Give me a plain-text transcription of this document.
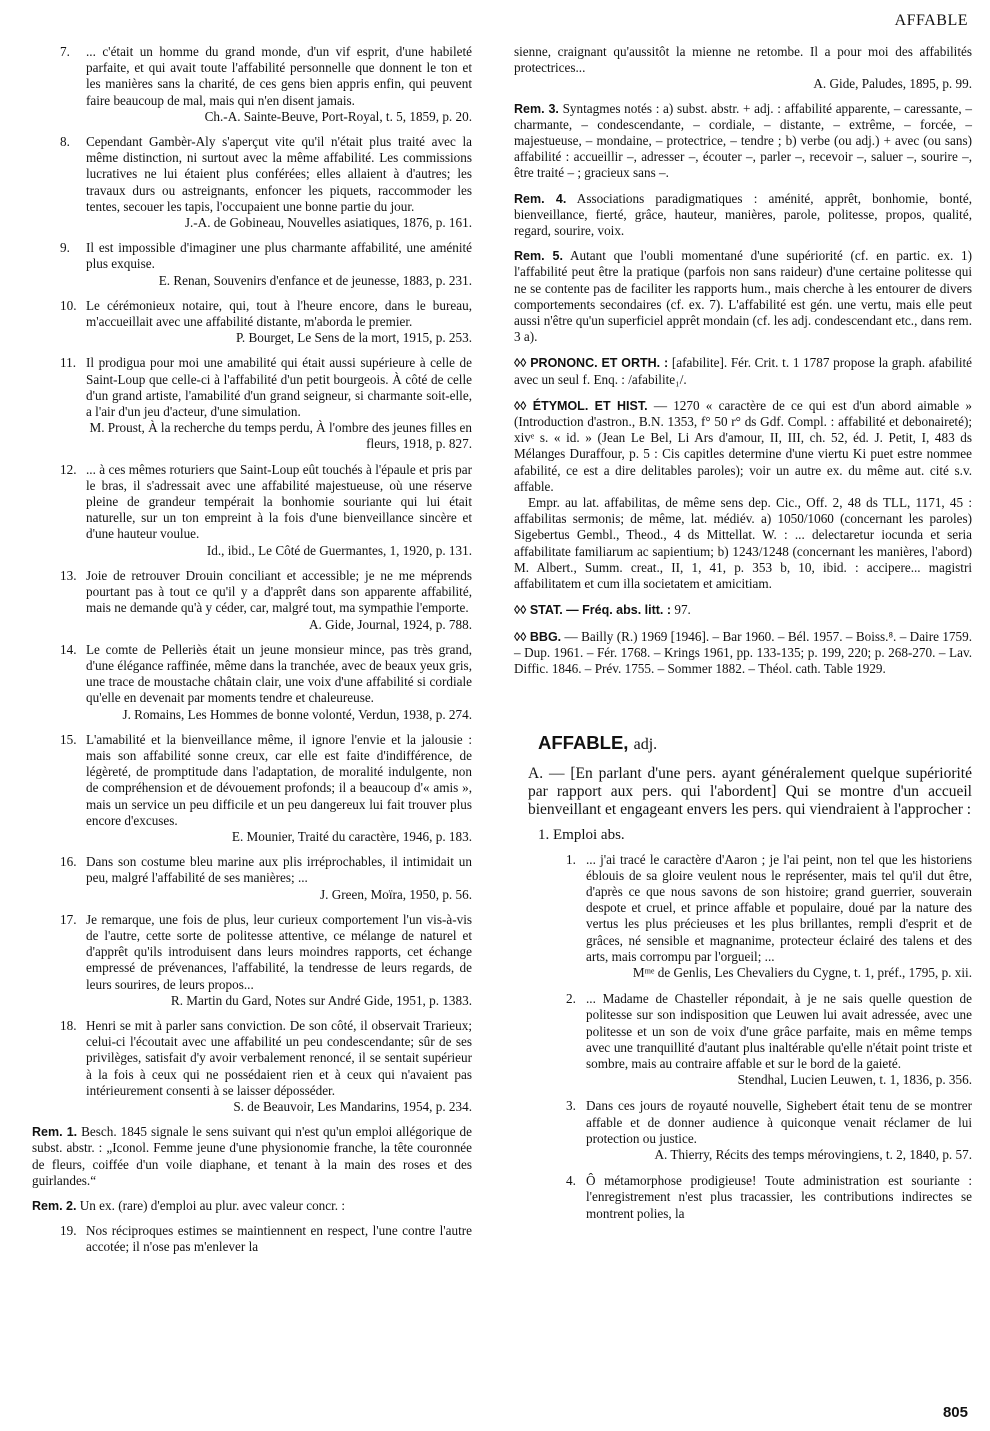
AFFABLE
7. ... c'était un homme du grand monde, d'un vif esprit, d'une habileté parfaite, et qui avait toute l'affabilité personnelle que donnent le ton et les manières sans la charité, de ces gens bien appris enfin, qui peuvent faire beaucoup de mal, mais qui n'en disent jamais.
Ch.-A. Sainte-Beuve, Port-Royal, t. 5, 1859, p. 20.
8. Cependant Gambèr-Aly s'aperçut vite qu'il n'était plus traité avec la même distinction, ni surtout avec la même affabilité. Les commissions lucratives ne lui étaient plus conférées; elles allaient à d'autres; les travaux durs ou astreignants, enfoncer les piquets, raccommoder les tentes, secouer les tapis, l'occupaient une bonne partie du jour.
J.-A. de Gobineau, Nouvelles asiatiques, 1876, p. 161.
9. Il est impossible d'imaginer une plus charmante affabilité, une aménité plus exquise.
E. Renan, Souvenirs d'enfance et de jeunesse, 1883, p. 231.
10. Le cérémonieux notaire, qui, tout à l'heure encore, dans le bureau, m'accueillait avec une affabilité distante, m'aborda le premier.
P. Bourget, Le Sens de la mort, 1915, p. 253.
11. Il prodigua pour moi une amabilité qui était aussi supérieure à celle de Saint-Loup que celle-ci à l'affabilité d'un petit bourgeois. À côté de celle d'un grand artiste, l'amabilité d'un grand seigneur, si charmante soit-elle, a l'air d'un jeu d'acteur, d'une simulation.
M. Proust, À la recherche du temps perdu, À l'ombre des jeunes filles en fleurs, 1918, p. 827.
12. ... à ces mêmes roturiers que Saint-Loup eût touchés à l'épaule et pris par le bras, il s'adressait avec une affabilité majestueuse, où une réserve pleine de grandeur tempérait la bonhomie souriante qui lui était naturelle, sur un ton empreint à la fois d'une bienveillance sincère et d'une hauteur voulue.
Id., ibid., Le Côté de Guermantes, 1, 1920, p. 131.
13. Joie de retrouver Drouin conciliant et accessible; je ne me méprends pourtant pas à tout ce qu'il y a d'apprêt dans son apparente affabilité, mais ne demande qu'à y céder, car, malgré tout, ma sympathie l'emporte.
A. Gide, Journal, 1924, p. 788.
14. Le comte de Pelleriès était un jeune monsieur mince, pas très grand, d'une élégance raffinée, même dans la tranchée, avec de beaux yeux gris, une trace de moustache châtain clair, une voix d'une affabilité si cordiale qu'elle en devenait par moments tendre et chaleureuse.
J. Romains, Les Hommes de bonne volonté, Verdun, 1938, p. 274.
15. L'amabilité et la bienveillance même, il ignore l'envie et la jalousie : mais son affabilité sonne creux, car elle est faite d'indifférence, de légèreté, de promptitude dans l'adaptation, de moralité indulgente, non de compréhension et de dévouement profonds; il a beaucoup d'« amis », mais un service un peu difficile et un peu dangereux lui fait trouver plus encore d'excuses.
E. Mounier, Traité du caractère, 1946, p. 183.
16. Dans son costume bleu marine aux plis irréprochables, il intimidait un peu, malgré l'affabilité de ses manières; ...
J. Green, Moïra, 1950, p. 56.
17. Je remarque, une fois de plus, leur curieux comportement l'un vis-à-vis de l'autre, cette sorte de politesse attentive, ce mélange de naturel et d'apprêt qu'ils introduisent dans leurs moindres rapports, cet échange empressé de prévenances, l'affabilité, la tendresse de leurs regards, de leurs sourires, de leurs propos...
R. Martin du Gard, Notes sur André Gide, 1951, p. 1383.
18. Henri se mit à parler sans conviction. De son côté, il observait Trarieux; celui-ci l'écoutait avec une affabilité un peu condescendante; sûr de ses privilèges, satisfait d'y avoir verbalement renoncé, il se sentait supérieur à la fois à ceux qui ne possédaient rien et à ceux qui n'avaient pas intérieurement consenti à se laisser déposséder.
S. de Beauvoir, Les Mandarins, 1954, p. 234.
Rem. 1. Besch. 1845 signale le sens suivant qui n'est qu'un emploi allégorique de subst. abstr. : „Iconol. Femme jeune d'une physionomie franche, la tête couronnée de fleurs, coiffée d'un voile diaphane, et tenant à la main des roses et des guirlandes.“
Rem. 2. Un ex. (rare) d'emploi au plur. avec valeur concr. :
19. Nos réciproques estimes se maintiennent en respect, l'une contre l'autre accotée; il n'ose pas m'enlever la
sienne, craignant qu'aussitôt la mienne ne retombe. Il a pour moi des affabilités protectrices...
A. Gide, Paludes, 1895, p. 99.
Rem. 3. Syntagmes notés : a) subst. abstr. + adj. : affabilité apparente, – caressante, – charmante, – condescendante, – cordiale, – distante, – extrême, – forcée, – majestueuse, – mondaine, – protectrice, – tendre ; b) verbe (ou adj.) + avec (ou sans) affabilité : accueillir –, adresser –, écouter –, parler –, recevoir –, saluer –, sourire –, être traité – ; gracieux sans –.
Rem. 4. Associations paradigmatiques : aménité, apprêt, bonhomie, bonté, bienveillance, fierté, grâce, hauteur, manières, parole, politesse, propos, qualité, regard, sourire, voix.
Rem. 5. Autant que l'oubli momentané d'une supériorité (cf. en partic. ex. 1) l'affabilité peut être la pratique (parfois non sans raideur) d'une certaine politesse qui ne se contente pas de faciliter les rapports hum., mais cherche à les entourer de divers comportements secondaires (cf. ex. 7). L'affabilité est gén. une vertu, mais elle peut aussi n'être qu'un superficiel apprêt mondain (cf. les adj. condescendant etc., dans rem. 3 a).
◊◊ PRONONC. ET ORTH. : [afabilite]. Fér. Crit. t. 1 1787 propose la graph. afabilité avec un seul f. Enq. : /afabilite₁/.
◊◊ ÉTYMOL. ET HIST. — 1270 « caractère de ce qui est d'un abord aimable » (Introduction d'astron., B.N. 1353, f° 50 r° ds Gdf. Compl. : affabilité et debonaireté); xivᵉ s. « id. » (Jean Le Bel, Li Ars d'amour, II, III, ch. 52, éd. J. Petit, I, 483 ds Mélanges Duraffour, p. 5 : Cis capitles determine d'une viertu Ki puet estre nommee afabilité, ce est a dire delitables paroles); voir un autre ex. du même aut. cité s.v. affable.
Empr. au lat. affabilitas, de même sens dep. Cic., Off. 2, 48 ds TLL, 1171, 45 : affabilitas sermonis; de même, lat. médiév. a) 1050/1060 (concernant les paroles) Sigebertus Gembl., Theod., 4 ds Mittellat. W. : ... delectaretur iocunda et seria affabilitate familiarum ac sapientium; b) 1243/1248 (concernant les manières, l'abord) M. Albert., Summ. creat., II, 1, 41, p. 353 b, 10, ibid. : accipere... magistri affabilitatem et cum illa societatem et amicitiam.
◊◊ STAT. — Fréq. abs. litt. : 97.
◊◊ BBG. — Bailly (R.) 1969 [1946]. – Bar 1960. – Bél. 1957. – Boiss.⁸. – Daire 1759. – Dup. 1961. – Fér. 1768. – Krings 1961, pp. 133-135; p. 199, 220; p. 268-270. – Lav. Diffic. 1846. – Prév. 1755. – Sommer 1882. – Théol. cath. Table 1929.
AFFABLE, adj.
A. — [En parlant d'une pers. ayant généralement quelque supériorité par rapport aux pers. qui l'abordent] Qui se montre d'un accueil bienveillant et engageant envers les pers. qui viendraient à l'approcher :
1. Emploi abs.
1. ... j'ai tracé le caractère d'Aaron ; je l'ai peint, non tel que les historiens éblouis de sa gloire veulent nous le représenter, mais tel qu'il dut être, d'après ce que nous savons de son histoire; grand guerrier, souverain despote et cruel, et prince affable et populaire, doué par la nature des vertus les plus précieuses et les plus brillantes, rempli d'esprit et de grâces, né sensible et magnanime, protecteur éclairé des talens et des arts, mais corrompu par l'orgueil; ...
Mᵐᵉ de Genlis, Les Chevaliers du Cygne, t. 1, préf., 1795, p. xii.
2. ... Madame de Chasteller répondait, à je ne sais quelle question de politesse sur son indisposition que Leuwen lui avait adressée, avec une politesse et un son de voix d'une grâce parfaite, mais en même temps avec une tranquillité d'autant plus inaltérable qu'elle n'était point triste et sombre, mais au contraire affable et sur le bord de la gaieté.
Stendhal, Lucien Leuwen, t. 1, 1836, p. 356.
3. Dans ces jours de royauté nouvelle, Sighebert était tenu de se montrer affable et de donner audience à quiconque venait réclamer de lui protection ou justice.
A. Thierry, Récits des temps mérovingiens, t. 2, 1840, p. 57.
4. Ô métamorphose prodigieuse! Toute administration est souriante : l'enregistrement n'est plus tracassier, les contributions indirectes se montrent polies, la
805
